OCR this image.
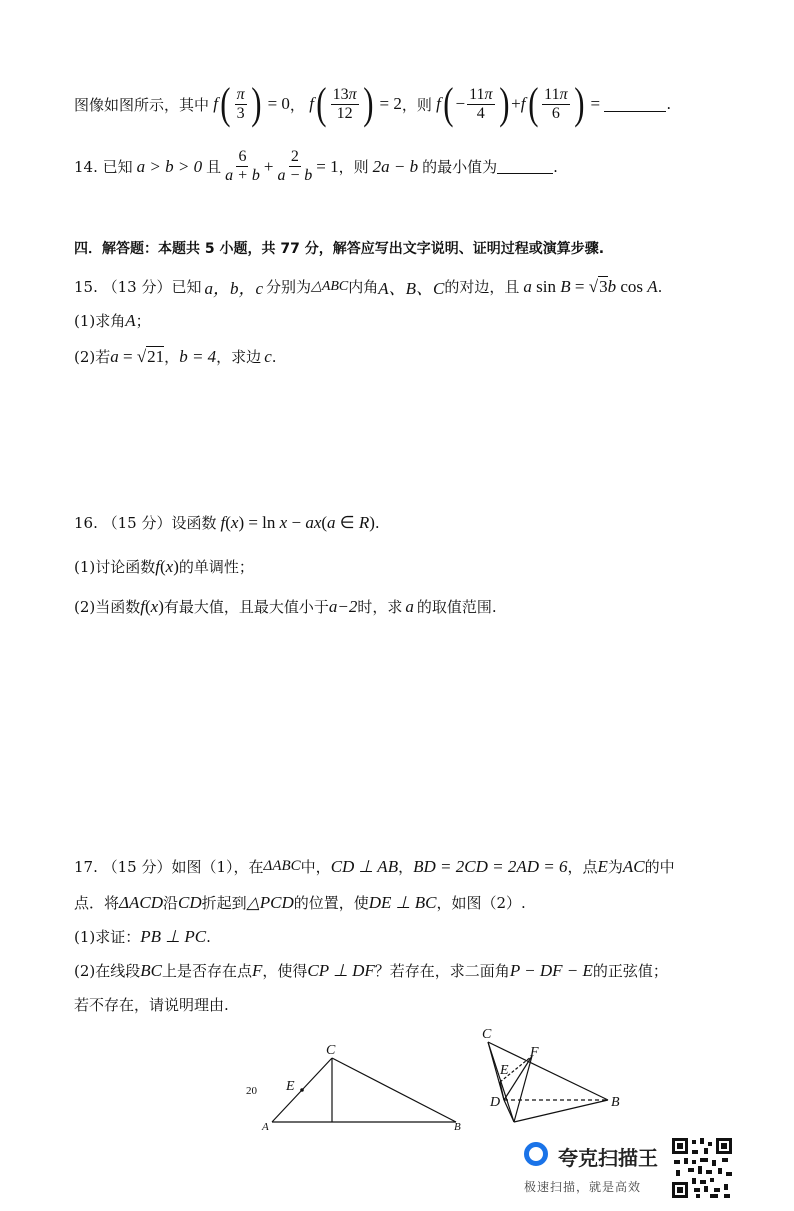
图像如图所示，其中 f ( $\frac{\pi}{3}$ ) = 0 ， f ( $\frac{13\pi}{12}$ ) = 2 ，则 f ( − $\frac{11\pi}{4}$ ) + f ( $\frac{11\pi}{6}$ ) =	.
14. 已知 a > b > 0 且 $\frac{6}{a + b} + \frac{2}{a - b} = 1$ ，则 2a − b 的最小值为	.
四．解答题：本题共 5 小题，共 77 分，解答应写出文字说明、证明过程或演算步骤.
15. （13 分）已知 a，b，c 分别为 △ABC 内角 A、B、C 的对边，且 a sin B = √3b cos A .
(1)求角 A ；
(2)若 a = √21 ， b = 4 ，求边 c .
16. （15 分）设函数 f(x) = ln x − ax(a ∈ R) .
(1)讨论函数 f(x) 的单调性；
(2)当函数 f(x) 有最大值，且最大值小于 a−2 时，求 a 的取值范围.
17. （15 分）如图（1），在 ΔABC 中， CD ⊥ AB ， BD = 2CD = 2AD = 6 ，点 E 为 AC 的中
点．将 ΔACD 沿 CD 折起到 △PCD 的位置，使 DE ⊥ BC ，如图（2）.
(1)求证： PB ⊥ PC .
(2)在线段 BC 上是否存在点 F ，使得 CP ⊥ DF ？若存在，求二面角 P − DF − E 的正弦值；
若不存在，请说明理由.
C
E
A	B
20
C
F
E
D	B
夸克扫描王
极速扫描，就是高效
